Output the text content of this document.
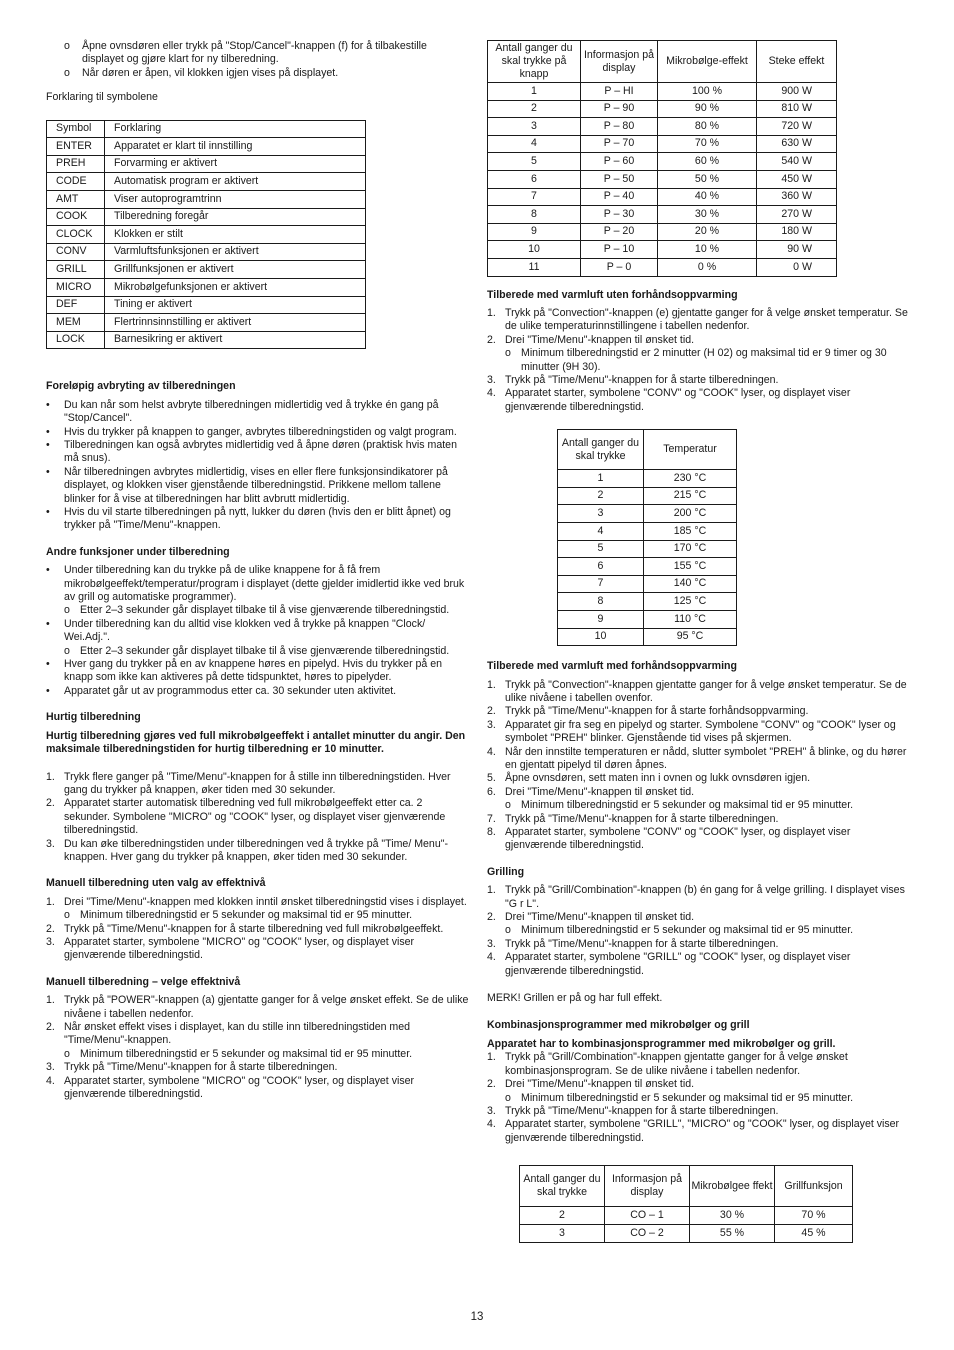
o	Åpne ovnsdøren eller trykk på "Stop/Cancel"-knappen (f) for å tilbakestille displayet og gjøre klart for ny tilberedning.
o	Når døren er åpen, vil klokken igjen vises på displayet.

Forklaring til symbolene

Symbol	Forklaring
ENTER	Apparatet er klart til innstilling
PREH	Forvarming er aktivert
CODE	Automatisk program er aktivert
AMT	Viser autoprogramtrinn
COOK	Tilberedning foregår
CLOCK	Klokken er stilt
CONV	Varmluftsfunksjonen er aktivert
GRILL	Grillfunksjonen er aktivert
MICRO	Mikrobølgefunksjonen er aktivert
DEF	Tining er aktivert
MEM	Flertrinnsinnstilling er aktivert
LOCK	Barnesikring er aktivert

Foreløpig avbryting av tilberedningen

•	Du kan når som helst avbryte tilberedningen midlertidig ved å trykke én gang på "Stop/Cancel".
•	Hvis du trykker på knappen to ganger, avbrytes tilberedningstiden og valgt program.
•	Tilberedningen kan også avbrytes midlertidig ved å åpne døren (praktisk hvis maten må snus).
•	Når tilberedningen avbrytes midlertidig, vises en eller flere funksjonsindikatorer på displayet, og klokken viser gjenstående tilberedningstid. Prikkene mellom tallene blinker for å vise at tilberedningen har blitt avbrutt midlertidig.
•	Hvis du vil starte tilberedningen på nytt, lukker du døren (hvis den er blitt åpnet) og trykker på "Time/Menu"-knappen.

Andre funksjoner under tilberedning

•	Under tilberedning kan du trykke på de ulike knappene for å få frem mikrobølgeeffekt/temperatur/program i displayet (dette gjelder imidlertid ikke ved bruk av grill og automatiske programmer).
o Etter 2–3 sekunder går displayet tilbake til å vise gjenværende tilberedningstid.
•	Under tilberedning kan du alltid vise klokken ved å trykke på knappen "Clock/ Wei.Adj.".
o Etter 2–3 sekunder går displayet tilbake til å vise gjenværende tilberedningstid.
•	Hver gang du trykker på en av knappene høres en pipelyd. Hvis du trykker på en knapp som ikke kan aktiveres på dette tidspunktet, høres to pipelyder.
•	Apparatet går ut av programmodus etter ca. 30 sekunder uten aktivitet.

Hurtig tilberedning

Hurtig tilberedning gjøres ved full mikrobølgeeffekt i antallet minutter du angir. Den maksimale tilberedningstiden for hurtig tilberedning er 10 minutter.

1. Trykk flere ganger på "Time/Menu"-knappen for å stille inn tilberedningstiden. Hver gang du trykker på knappen, øker tiden med 30 sekunder.
2. Apparatet starter automatisk tilberedning ved full mikrobølgeeffekt etter ca. 2 sekunder. Symbolene "MICRO" og "COOK" lyser, og displayet viser gjenværende tilberedningstid.
3. Du kan øke tilberedningstiden under tilberedningen ved å trykke på "Time/ Menu"-knappen. Hver gang du trykker på knappen, øker tiden med 30 sekunder.

Manuell tilberedning uten valg av effektnivå

1. Drei "Time/Menu"-knappen med klokken inntil ønsket tilberedningstid vises i displayet.
o Minimum tilberedningstid er 5 sekunder og maksimal tid er 95 minutter.
2. Trykk på "Time/Menu"-knappen for å starte tilberedning ved full mikrobølgeeffekt.
3. Apparatet starter, symbolene "MICRO" og "COOK" lyser, og displayet viser gjenværende tilberedningstid.

Manuell tilberedning – velge effektnivå

1. Trykk på "POWER"-knappen (a) gjentatte ganger for å velge ønsket effekt. Se de ulike nivåene i tabellen nedenfor.
2. Når ønsket effekt vises i displayet, kan du stille inn tilberedningstiden med "Time/Menu"-knappen.
o Minimum tilberedningstid er 5 sekunder og maksimal tid er 95 minutter.
3. Trykk på "Time/Menu"-knappen for å starte tilberedningen.
4. Apparatet starter, symbolene "MICRO" og "COOK" lyser, og displayet viser gjenværende tilberedningstid.
Antall ganger du skal trykke på knapp	Informasjon på display	Mikrobølge-effekt	Steke effekt
1	P – HI	100 %	900 W
2	P – 90	90 %	810 W
3	P – 80	80 %	720 W
4	P – 70	70 %	630 W
5	P – 60	60 %	540 W
6	P – 50	50 %	450 W
7	P – 40	40 %	360 W
8	P – 30	30 %	270 W
9	P – 20	20 %	180 W
10	P – 10	10 %	90 W
11	P – 0	0 %	0 W

Tilberede med varmluft uten forhåndsoppvarming

1. Trykk på "Convection"-knappen (e) gjentatte ganger for å velge ønsket temperatur. Se de ulike temperaturinnstillingene i tabellen nedenfor.
2. Drei "Time/Menu"-knappen til ønsket tid.
o Minimum tilberedningstid er 2 minutter (H 02) og maksimal tid er 9 timer og 30 minutter (9H 30).
3. Trykk på "Time/Menu"-knappen for å starte tilberedningen.
4. Apparatet starter, symbolene "CONV" og "COOK" lyser, og displayet viser gjenværende tilberedningstid.
Antall ganger du skal trykke	Temperatur
1	230 °C
2	215 °C
3	200 °C
4	185 °C
5	170 °C
6	155 °C
7	140 °C
8	125 °C
9	110 °C
10	95 °C

Tilberede med varmluft med forhåndsoppvarming

1. Trykk på "Convection"-knappen gjentatte ganger for å velge ønsket temperatur. Se de ulike nivåene i tabellen ovenfor.
2. Trykk på "Time/Menu"-knappen for å starte forhåndsoppvarming.
3. Apparatet gir fra seg en pipelyd og starter. Symbolene "CONV" og "COOK" lyser og symbolet "PREH" blinker. Gjenstående tid vises på skjermen.
4. Når den innstilte temperaturen er nådd, slutter symbolet "PREH" å blinke, og du hører en gjentatt pipelyd til døren åpnes.
5. Åpne ovnsdøren, sett maten inn i ovnen og lukk ovnsdøren igjen.
6. Drei "Time/Menu"-knappen til ønsket tid.
o Minimum tilberedningstid er 5 sekunder og maksimal tid er 95 minutter.
7. Trykk på "Time/Menu"-knappen for å starte tilberedningen.
8. Apparatet starter, symbolene "CONV" og "COOK" lyser, og displayet viser gjenværende tilberedningstid.

Grilling

1. Trykk på "Grill/Combination"-knappen (b) én gang for å velge grilling. I displayet vises "G r L".
2. Drei "Time/Menu"-knappen til ønsket tid.
o Minimum tilberedningstid er 5 sekunder og maksimal tid er 95 minutter.
3. Trykk på "Time/Menu"-knappen for å starte tilberedningen.
4. Apparatet starter, symbolene "GRILL" og "COOK" lyser, og displayet viser gjenværende tilberedningstid.

MERK! Grillen er på og har full effekt.

Kombinasjonsprogrammer med mikrobølger og grill

Apparatet har to kombinasjonsprogrammer med mikrobølger og grill.

1. Trykk på "Grill/Combination"-knappen gjentatte ganger for å velge ønsket kombinasjonsprogram. Se de ulike nivåene i tabellen nedenfor.
2. Drei "Time/Menu"-knappen til ønsket tid.
o Minimum tilberedningstid er 5 sekunder og maksimal tid er 95 minutter.
3. Trykk på "Time/Menu"-knappen for å starte tilberedningen.
4. Apparatet starter, symbolene "GRILL", "MICRO" og "COOK" lyser, og displayet viser gjenværende tilberedningstid.
Antall ganger du skal trykke	Informasjon på display	Mikrobølgee ffekt	Grillfunksjon
2	CO – 1	30 %	70 %
3	CO – 2	55 %	45 %
13
